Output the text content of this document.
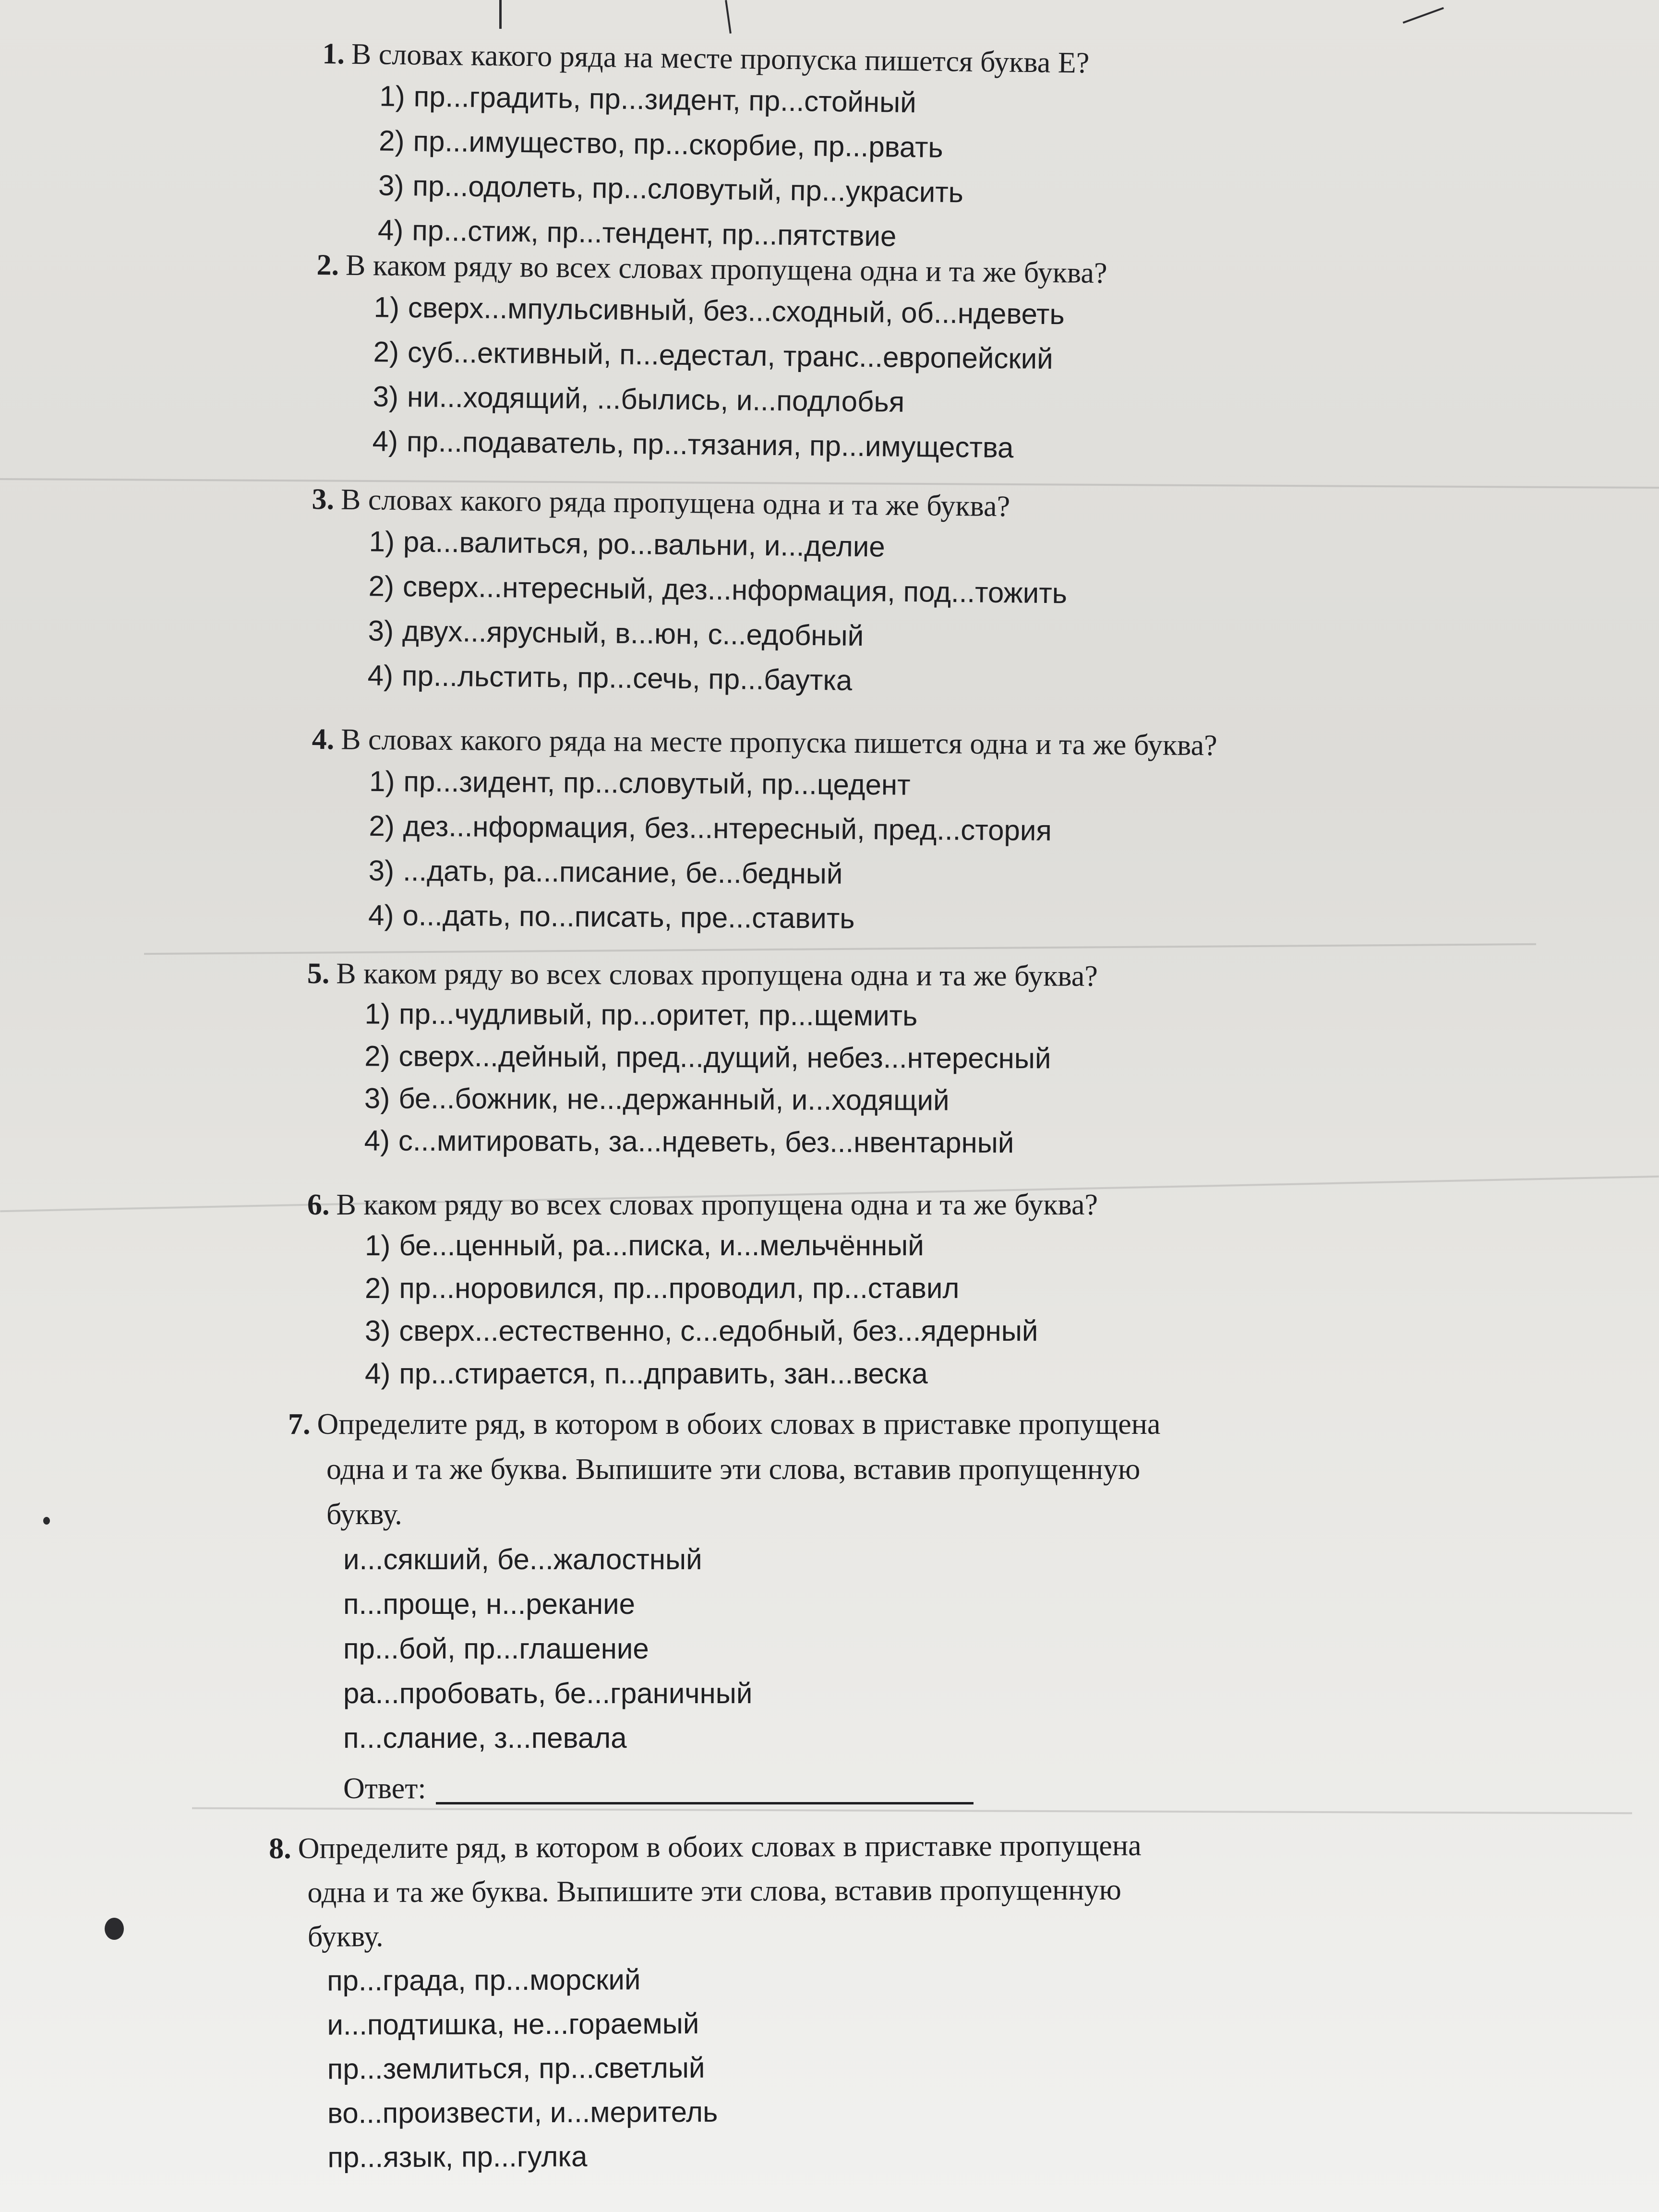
1. В словах какого ряда на месте пропуска пишется буква Е?
1) пр...градить, пр...зидент, пр...стойный
2) пр...имущество, пр...скорбие, пр...рвать
3) пр...одолеть, пр...словутый, пр...украсить
4) пр...стиж, пр...тендент, пр...пятствие
2. В каком ряду во всех словах пропущена одна и та же буква?
1) сверх...мпульсивный, без...сходный, об...ндеветь
2) суб...ективный, п...едестал, транс...европейский
3) ни...ходящий, ...былись, и...подлобья
4) пр...подаватель, пр...тязания, пр...имущества
3. В словах какого ряда пропущена одна и та же буква?
1) ра...валиться, ро...вальни, и...делие
2) сверх...нтересный, дез...нформация, под...тожить
3) двух...ярусный, в...юн, с...едобный
4) пр...льстить, пр...сечь, пр...баутка
4. В словах какого ряда на месте пропуска пишется одна и та же буква?
1) пр...зидент, пр...словутый, пр...цедент
2) дез...нформация, без...нтересный, пред...стория
3) ...дать, ра...писание, бе...бедный
4) о...дать, по...писать, пре...ставить
5. В каком ряду во всех словах пропущена одна и та же буква?
1) пр...чудливый, пр...оритет, пр...щемить
2) сверх...дейный, пред...дущий, небез...нтересный
3) бе...божник, не...держанный, и...ходящий
4) с...митировать, за...ндеветь, без...нвентарный
6. В каком ряду во всех словах пропущена одна и та же буква?
1) бе...ценный, ра...писка, и...мельчённый
2) пр...норовился, пр...проводил, пр...ставил
3) сверх...естественно, с...едобный, без...ядерный
4) пр...стирается, п...дправить, зан...веска
7. Определите ряд, в котором в обоих словах в приставке пропущена
одна и та же буква. Выпишите эти слова, вставив пропущенную
букву.
и...сякший, бе...жалостный
п...проще, н...рекание
пр...бой, пр...глашение
ра...пробовать, бе...граничный
п...слание, з...певала
Ответ:
8. Определите ряд, в котором в обоих словах в приставке пропущена
одна и та же буква. Выпишите эти слова, вставив пропущенную
букву.
пр...града, пр...морский
и...подтишка, не...горaемый
пр...землиться, пр...светлый
во...произвести, и...меритель
пр...язык, пр...гулка
